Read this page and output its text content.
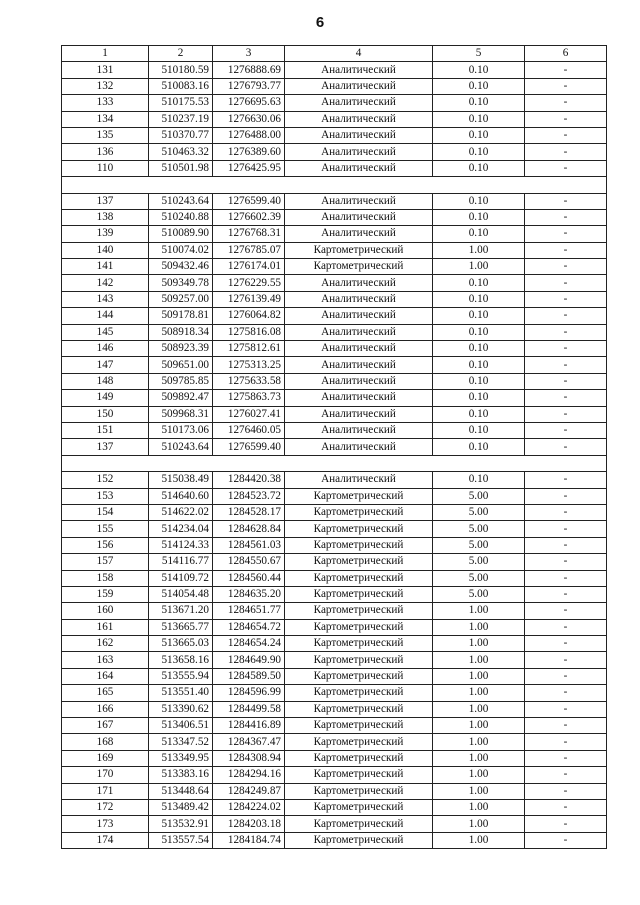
6
1	2	3	4	5	6
131	510180.59	1276888.69	Аналитический	0.10	-
132	510083.16	1276793.77	Аналитический	0.10	-
133	510175.53	1276695.63	Аналитический	0.10	-
134	510237.19	1276630.06	Аналитический	0.10	-
135	510370.77	1276488.00	Аналитический	0.10	-
136	510463.32	1276389.60	Аналитический	0.10	-
110	510501.98	1276425.95	Аналитический	0.10	-

137	510243.64	1276599.40	Аналитический	0.10	-
138	510240.88	1276602.39	Аналитический	0.10	-
139	510089.90	1276768.31	Аналитический	0.10	-
140	510074.02	1276785.07	Картометрический	1.00	-
141	509432.46	1276174.01	Картометрический	1.00	-
142	509349.78	1276229.55	Аналитический	0.10	-
143	509257.00	1276139.49	Аналитический	0.10	-
144	509178.81	1276064.82	Аналитический	0.10	-
145	508918.34	1275816.08	Аналитический	0.10	-
146	508923.39	1275812.61	Аналитический	0.10	-
147	509651.00	1275313.25	Аналитический	0.10	-
148	509785.85	1275633.58	Аналитический	0.10	-
149	509892.47	1275863.73	Аналитический	0.10	-
150	509968.31	1276027.41	Аналитический	0.10	-
151	510173.06	1276460.05	Аналитический	0.10	-
137	510243.64	1276599.40	Аналитический	0.10	-

152	515038.49	1284420.38	Аналитический	0.10	-
153	514640.60	1284523.72	Картометрический	5.00	-
154	514622.02	1284528.17	Картометрический	5.00	-
155	514234.04	1284628.84	Картометрический	5.00	-
156	514124.33	1284561.03	Картометрический	5.00	-
157	514116.77	1284550.67	Картометрический	5.00	-
158	514109.72	1284560.44	Картометрический	5.00	-
159	514054.48	1284635.20	Картометрический	5.00	-
160	513671.20	1284651.77	Картометрический	1.00	-
161	513665.77	1284654.72	Картометрический	1.00	-
162	513665.03	1284654.24	Картометрический	1.00	-
163	513658.16	1284649.90	Картометрический	1.00	-
164	513555.94	1284589.50	Картометрический	1.00	-
165	513551.40	1284596.99	Картометрический	1.00	-
166	513390.62	1284499.58	Картометрический	1.00	-
167	513406.51	1284416.89	Картометрический	1.00	-
168	513347.52	1284367.47	Картометрический	1.00	-
169	513349.95	1284308.94	Картометрический	1.00	-
170	513383.16	1284294.16	Картометрический	1.00	-
171	513448.64	1284249.87	Картометрический	1.00	-
172	513489.42	1284224.02	Картометрический	1.00	-
173	513532.91	1284203.18	Картометрический	1.00	-
174	513557.54	1284184.74	Картометрический	1.00	-
